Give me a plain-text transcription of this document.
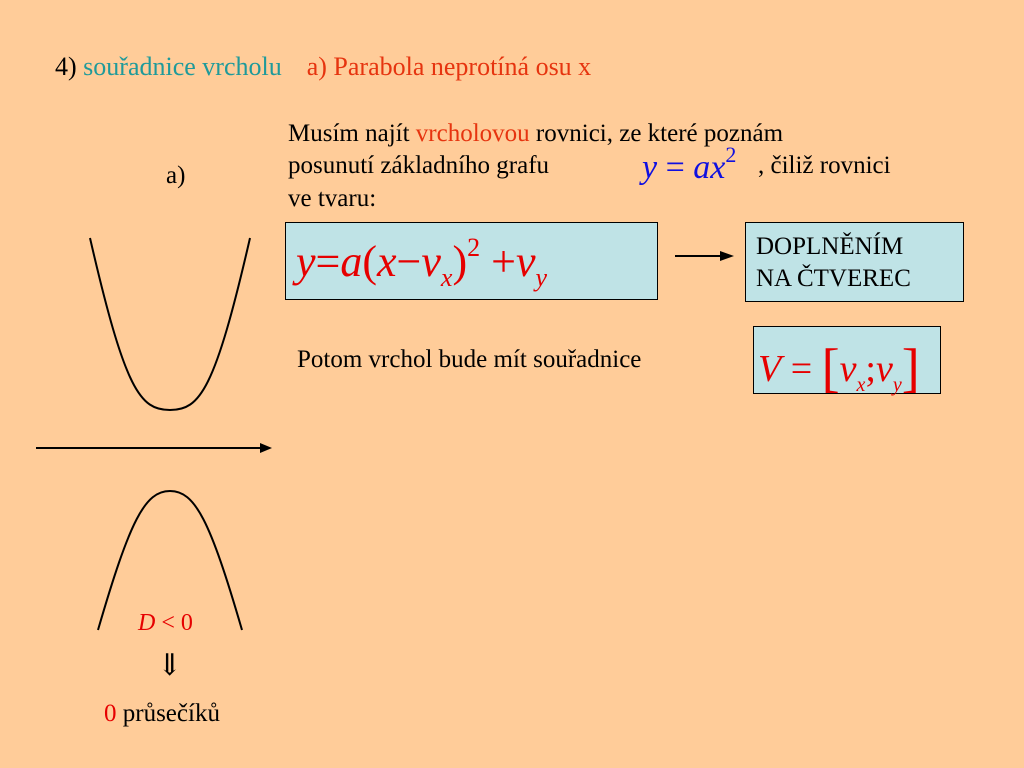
4) souřadnice vrcholu a) Parabola neprotíná osu x
a)
D < 0
⇓
0 průsečíků
Musím najít vrcholovou rovnici, ze které poznám
posunutí základního grafu	$y = ax^2$ , čiliž rovnici
ve tvaru:
$y=a(x-v_x)^2 +v_y$
DOPLNĚNÍM
NA ČTVEREC
Potom vrchol bude mít souřadnice	$V = [v_x;v_y]$
